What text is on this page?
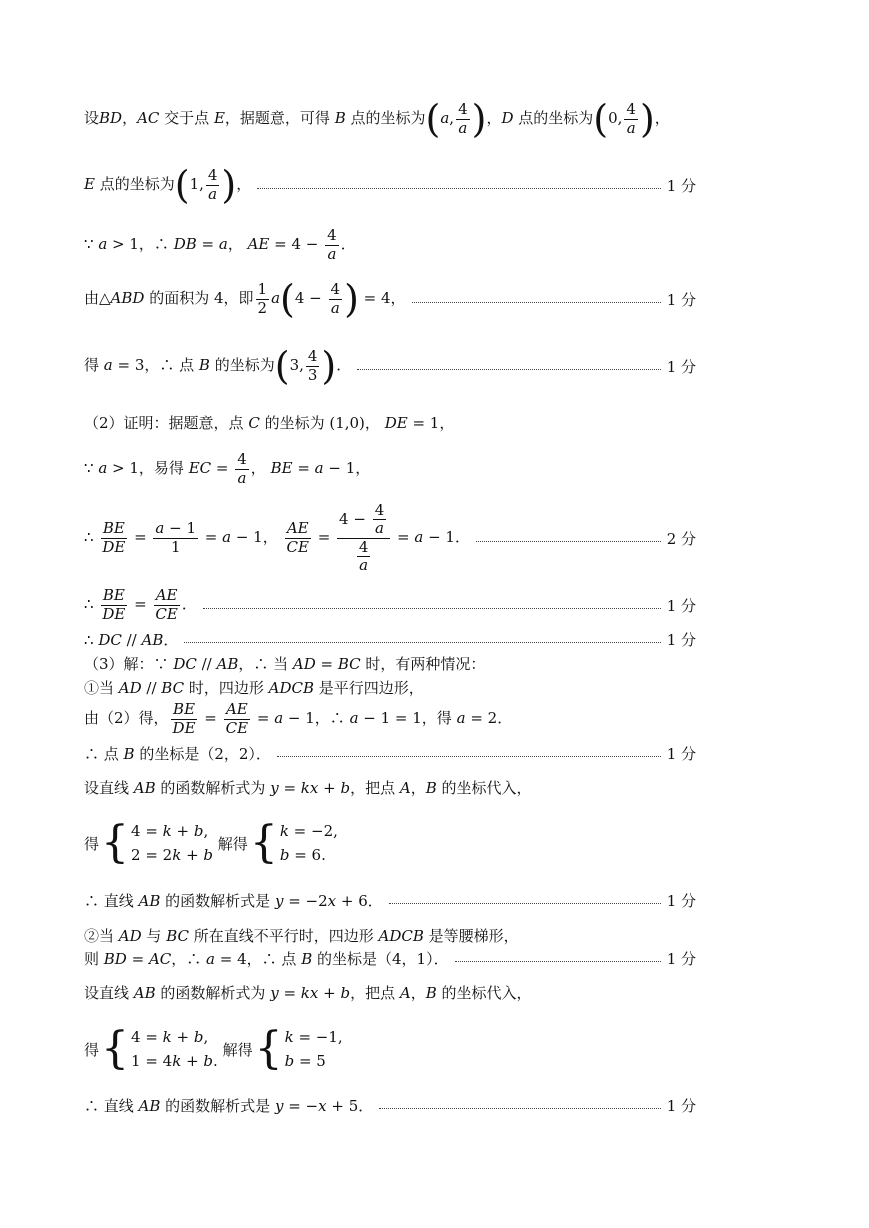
设BD，AC 交于点 E，据题意，可得 B 点的坐标为(a, $\frac{4}{a}$ )，D 点的坐标为(0, $\frac{4}{a}$ )，
E 点的坐标为(1, $\frac{4}{a}$ )，	1 分
∵ a > 1，∴ DB = a， AE = $4 - \frac{4}{a}$ ．
由△ABD 的面积为 4，即 $\frac{1}{2} a(4 - \frac{4}{a}$ ) = 4，	1 分
得 a = 3，∴ 点 B 的坐标为(3, $\frac{4}{3}$ )．	1 分
（2）证明：据题意，点 C 的坐标为 (1,0)， DE = 1，
∵ a > 1，易得 EC = $\frac{4}{a}$ ， BE = a − 1，
∴ $\frac{BE}{DE} = \frac{a - 1}{1} = a - 1$， $\frac{AE}{CE} = \frac{4 - \frac{4}{a}}{\frac{4}{a}} = a - 1$．	2 分
∴ $\frac{BE}{DE} = \frac{AE}{CE}$ ．	1 分
∴ DC // AB．	1 分
（3）解：∵ DC // AB，∴ 当 AD = BC 时，有两种情况：
①当 AD // BC 时，四边形 ADCB 是平行四边形，
由（2）得， $\frac{BE}{DE} = \frac{AE}{CE} = a - 1$，∴ a − 1 = 1，得 a = 2．
∴ 点 B 的坐标是（2，2）．	1 分
设直线 AB 的函数解析式为 y = kx + b，把点 A，B 的坐标代入，
得 { 4 = k + b,
2 = 2k + b
解得 { k = −2,
b = 6.
∴ 直线 AB 的函数解析式是 y = −2x + 6．	1 分
②当 AD 与 BC 所在直线不平行时，四边形 ADCB 是等腰梯形，
则 BD = AC，∴ a = 4，∴ 点 B 的坐标是（4，1）．	1 分
设直线 AB 的函数解析式为 y = kx + b，把点 A，B 的坐标代入，
得 { 4 = k + b,
1 = 4k + b.
解得 { k = −1,
b = 5
∴ 直线 AB 的函数解析式是 y = −x + 5．	1 分
